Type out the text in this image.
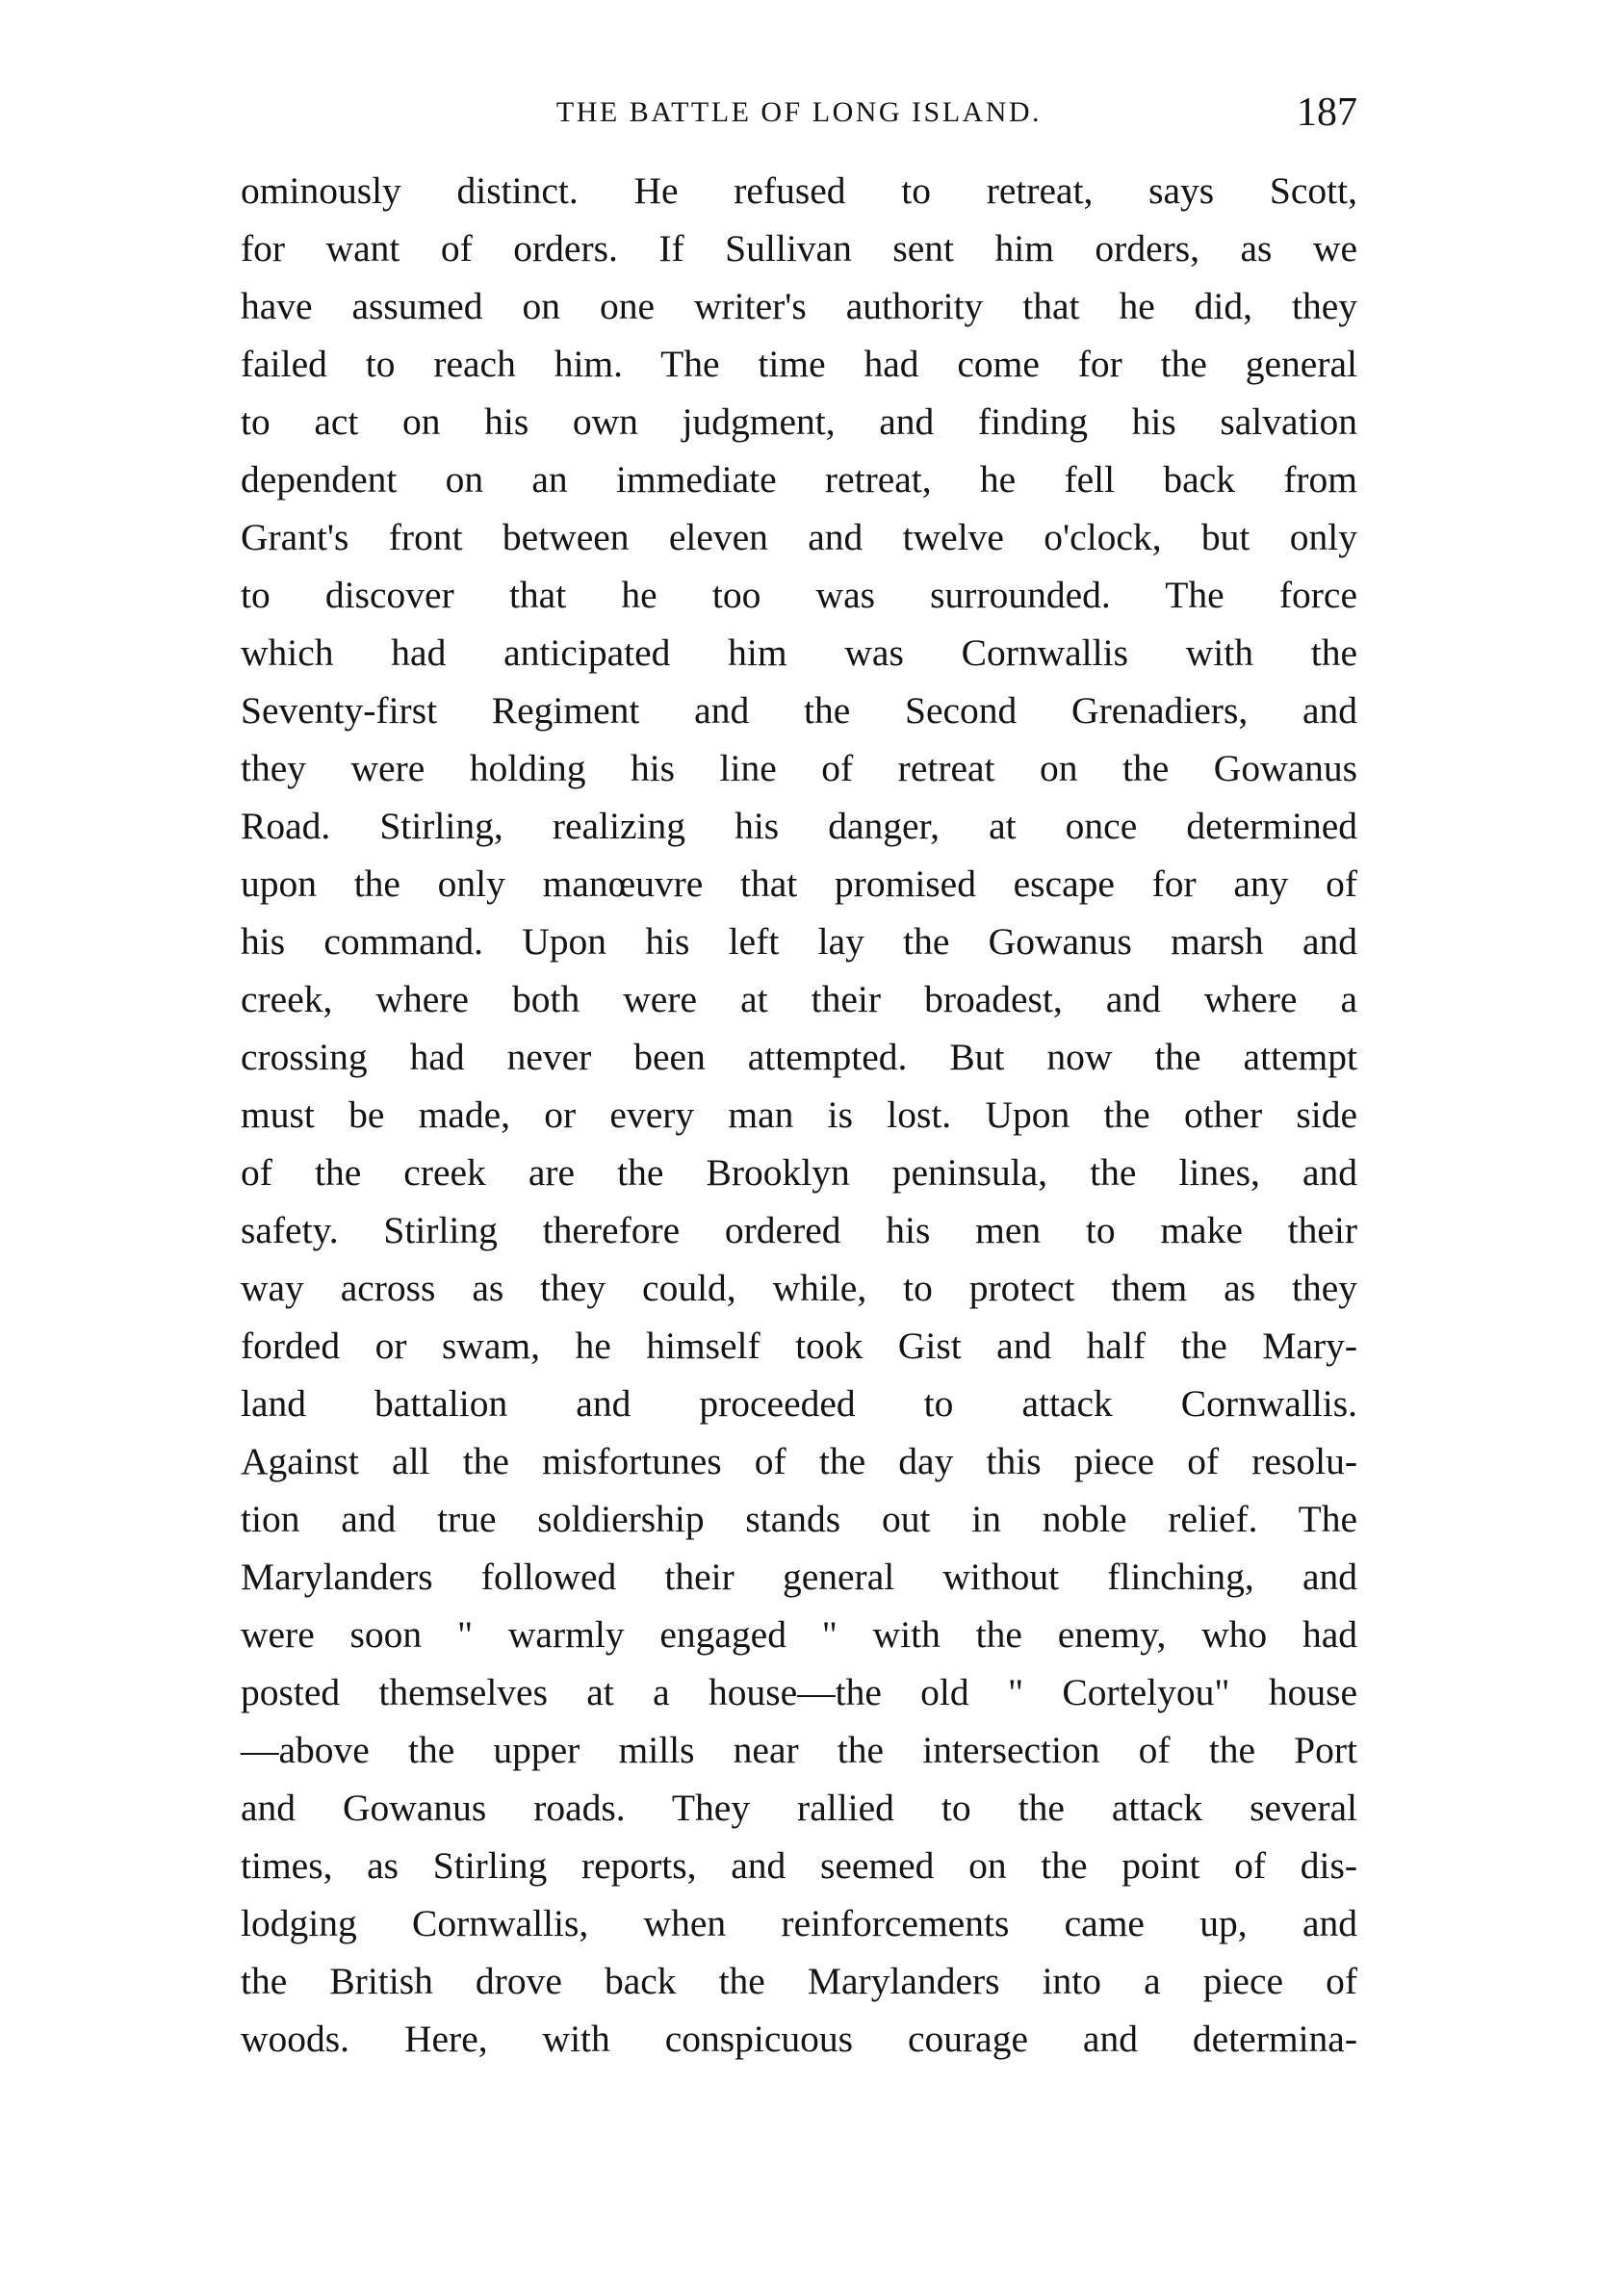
THE BATTLE OF LONG ISLAND.	187
ominously distinct. He refused to retreat, says Scott,
for want of orders. If Sullivan sent him orders, as we
have assumed on one writer's authority that he did, they
failed to reach him. The time had come for the general
to act on his own judgment, and finding his salvation
dependent on an immediate retreat, he fell back from
Grant's front between eleven and twelve o'clock, but only
to discover that he too was surrounded. The force
which had anticipated him was Cornwallis with the
Seventy-first Regiment and the Second Grenadiers, and
they were holding his line of retreat on the Gowanus
Road. Stirling, realizing his danger, at once determined
upon the only manœuvre that promised escape for any of
his command. Upon his left lay the Gowanus marsh and
creek, where both were at their broadest, and where a
crossing had never been attempted. But now the attempt
must be made, or every man is lost. Upon the other side
of the creek are the Brooklyn peninsula, the lines, and
safety. Stirling therefore ordered his men to make their
way across as they could, while, to protect them as they
forded or swam, he himself took Gist and half the Mary-
land battalion and proceeded to attack Cornwallis.
Against all the misfortunes of the day this piece of resolu-
tion and true soldiership stands out in noble relief. The
Marylanders followed their general without flinching, and
were soon " warmly engaged " with the enemy, who had
posted themselves at a house—the old " Cortelyou" house
—above the upper mills near the intersection of the Port
and Gowanus roads. They rallied to the attack several
times, as Stirling reports, and seemed on the point of dis-
lodging Cornwallis, when reinforcements came up, and
the British drove back the Marylanders into a piece of
woods. Here, with conspicuous courage and determina-
